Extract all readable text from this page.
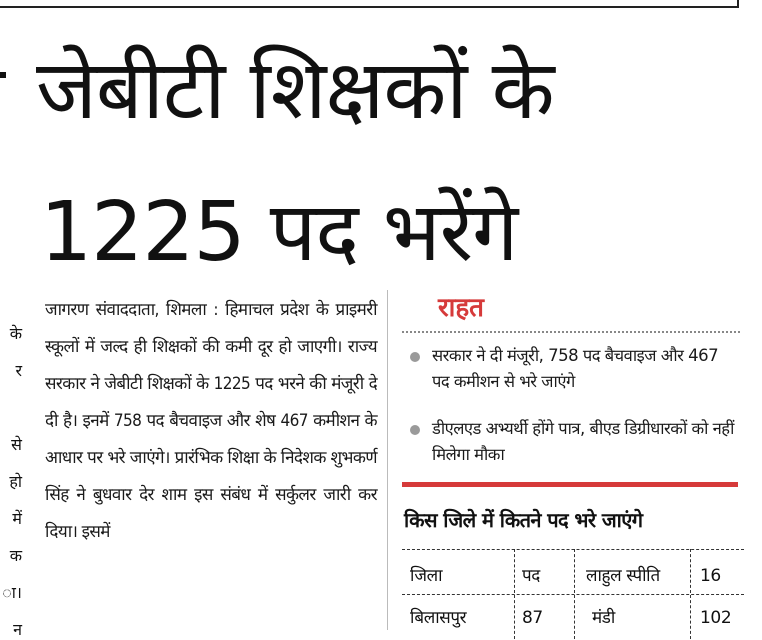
जेबीटी शिक्षकों के
1225 पद भरेंगे
के
र
से
हो
में
क
ा।
न
जागरण संवाददाता, शिमला : हिमाचल प्रदेश के प्राइमरी स्कूलों में जल्द ही शिक्षकों की कमी दूर हो जाएगी। राज्य सरकार ने जेबीटी शिक्षकों के 1225 पद भरने की मंजूरी दे दी है। इनमें 758 पद बैचवाइज और शेष 467 कमीशन के आधार पर भरे जाएंगे। प्रारंभिक शिक्षा के निदेशक शुभकर्ण सिंह ने बुधवार देर शाम इस संबंध में सर्कुलर जारी कर दिया। इसमें
राहत
सरकार ने दी मंजूरी, 758 पद बैचवाइज और 467 पद कमीशन से भरे जाएंगे
डीएलएड अभ्यर्थी होंगे पात्र, बीएड डिग्रीधारकों को नहीं मिलेगा मौका
किस जिले में कितने पद भरे जाएंगे
जिला	पद	लाहुल स्पीति 16
बिलासपुर	87	मंडी	102
